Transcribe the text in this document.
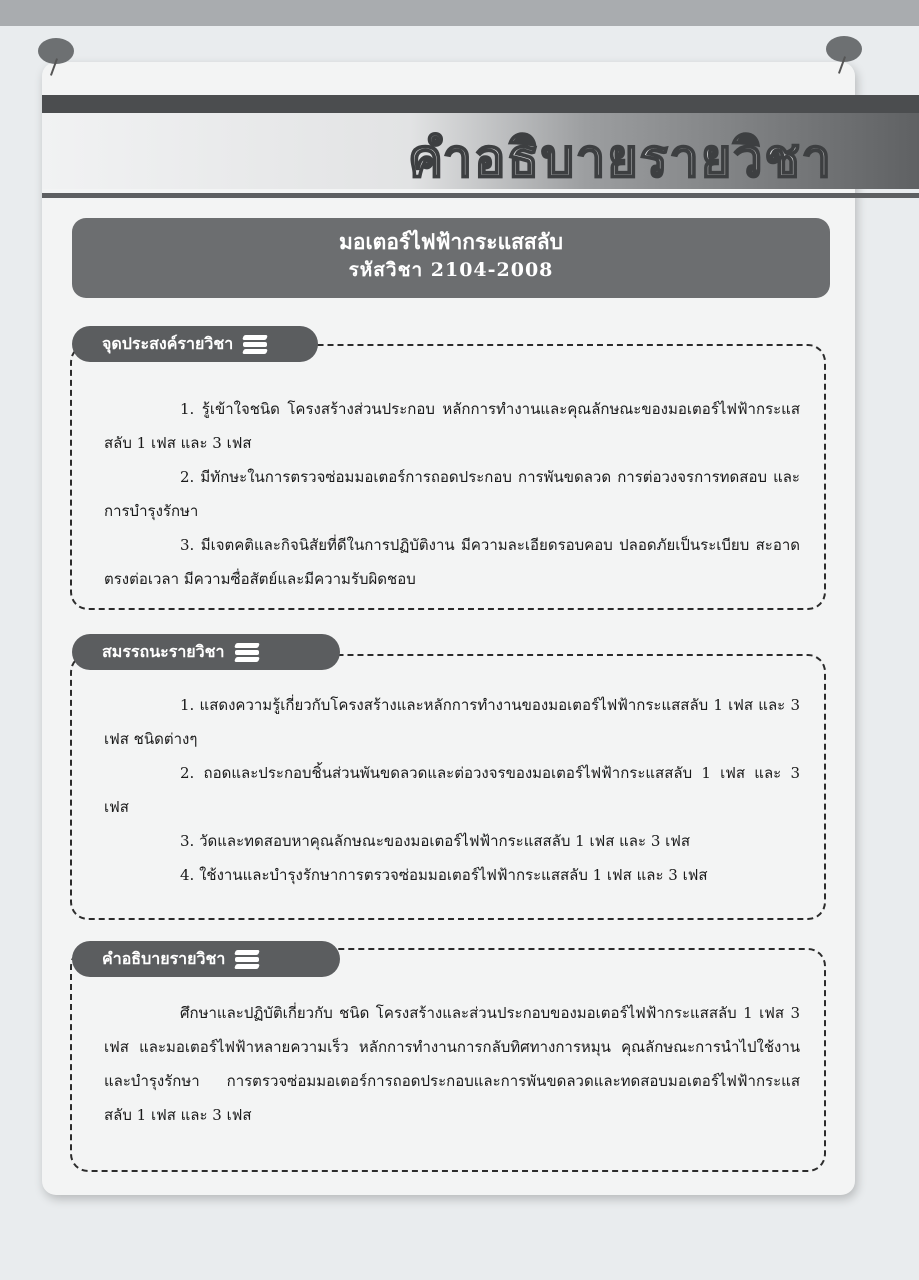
คำอธิบายรายวิชา
มอเตอร์ไฟฟ้ากระแสสลับ
รหัสวิชา 2104-2008
จุดประสงค์รายวิชา

1. รู้เข้าใจชนิด โครงสร้างส่วนประกอบ หลักการทำงานและคุณลักษณะของมอเตอร์ไฟฟ้ากระแสสลับ 1 เฟส และ 3 เฟส

2. มีทักษะในการตรวจซ่อมมอเตอร์การถอดประกอบ การพันขดลวด การต่อวงจรการทดสอบ และการบำรุงรักษา

3. มีเจตคติและกิจนิสัยที่ดีในการปฏิบัติงาน มีความละเอียดรอบคอบ ปลอดภัยเป็นระเบียบ สะอาด ตรงต่อเวลา มีความซื่อสัตย์และมีความรับผิดชอบ

สมรรถนะรายวิชา

1. แสดงความรู้เกี่ยวกับโครงสร้างและหลักการทำงานของมอเตอร์ไฟฟ้ากระแสสลับ 1 เฟส และ 3 เฟส ชนิดต่างๆ

2. ถอดและประกอบชิ้นส่วนพันขดลวดและต่อวงจรของมอเตอร์ไฟฟ้ากระแสสลับ 1 เฟส และ 3 เฟส

3. วัดและทดสอบหาคุณลักษณะของมอเตอร์ไฟฟ้ากระแสสลับ 1 เฟส และ 3 เฟส

4. ใช้งานและบำรุงรักษาการตรวจซ่อมมอเตอร์ไฟฟ้ากระแสสลับ 1 เฟส และ 3 เฟส

คำอธิบายรายวิชา

ศึกษาและปฏิบัติเกี่ยวกับ ชนิด โครงสร้างและส่วนประกอบของมอเตอร์ไฟฟ้ากระแสสลับ 1 เฟส 3 เฟส และมอเตอร์ไฟฟ้าหลายความเร็ว หลักการทำงานการกลับทิศทางการหมุน คุณลักษณะการนำไปใช้งานและบำรุงรักษา การตรวจซ่อมมอเตอร์การถอดประกอบและการพันขดลวดและทดสอบมอเตอร์ไฟฟ้ากระแสสลับ 1 เฟส และ 3 เฟส
